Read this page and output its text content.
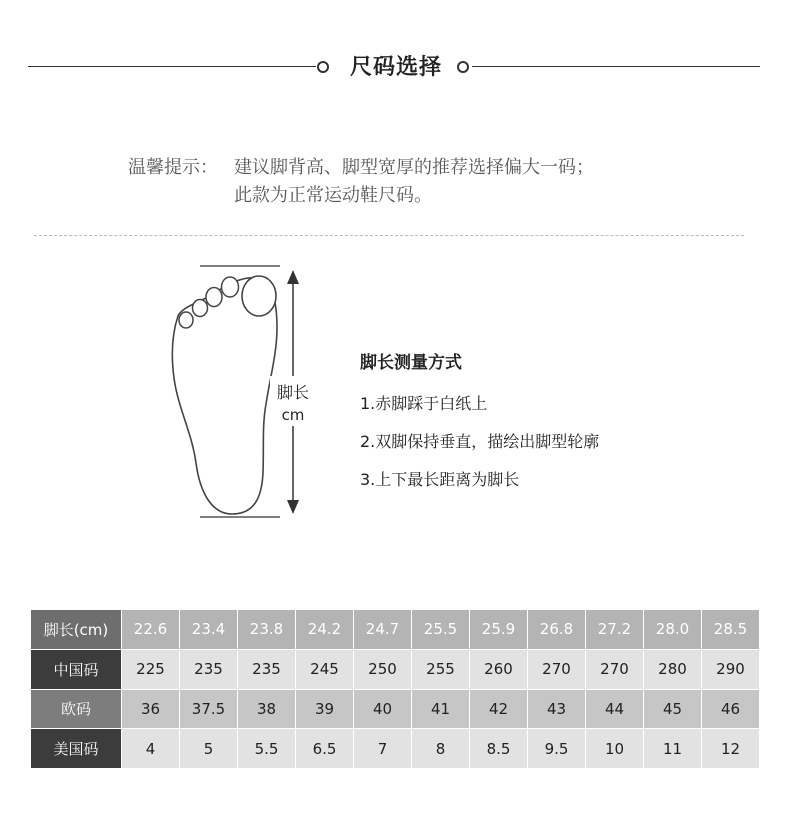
尺码选择
温馨提示： 建议脚背高、脚型宽厚的推荐选择偏大一码；
此款为正常运动鞋尺码。
脚长
cm
脚长测量方式
1.赤脚踩于白纸上
2.双脚保持垂直，描绘出脚型轮廓
3.上下最长距离为脚长
脚长(cm)	22.6	23.4	23.8	24.2	24.7	25.5	25.9	26.8	27.2	28.0	28.5
中国码	225	235	235	245	250	255	260	270	270	280	290
欧码	36	37.5	38	39	40	41	42	43	44	45	46
美国码	4	5	5.5	6.5	7	8	8.5	9.5	10	11	12
